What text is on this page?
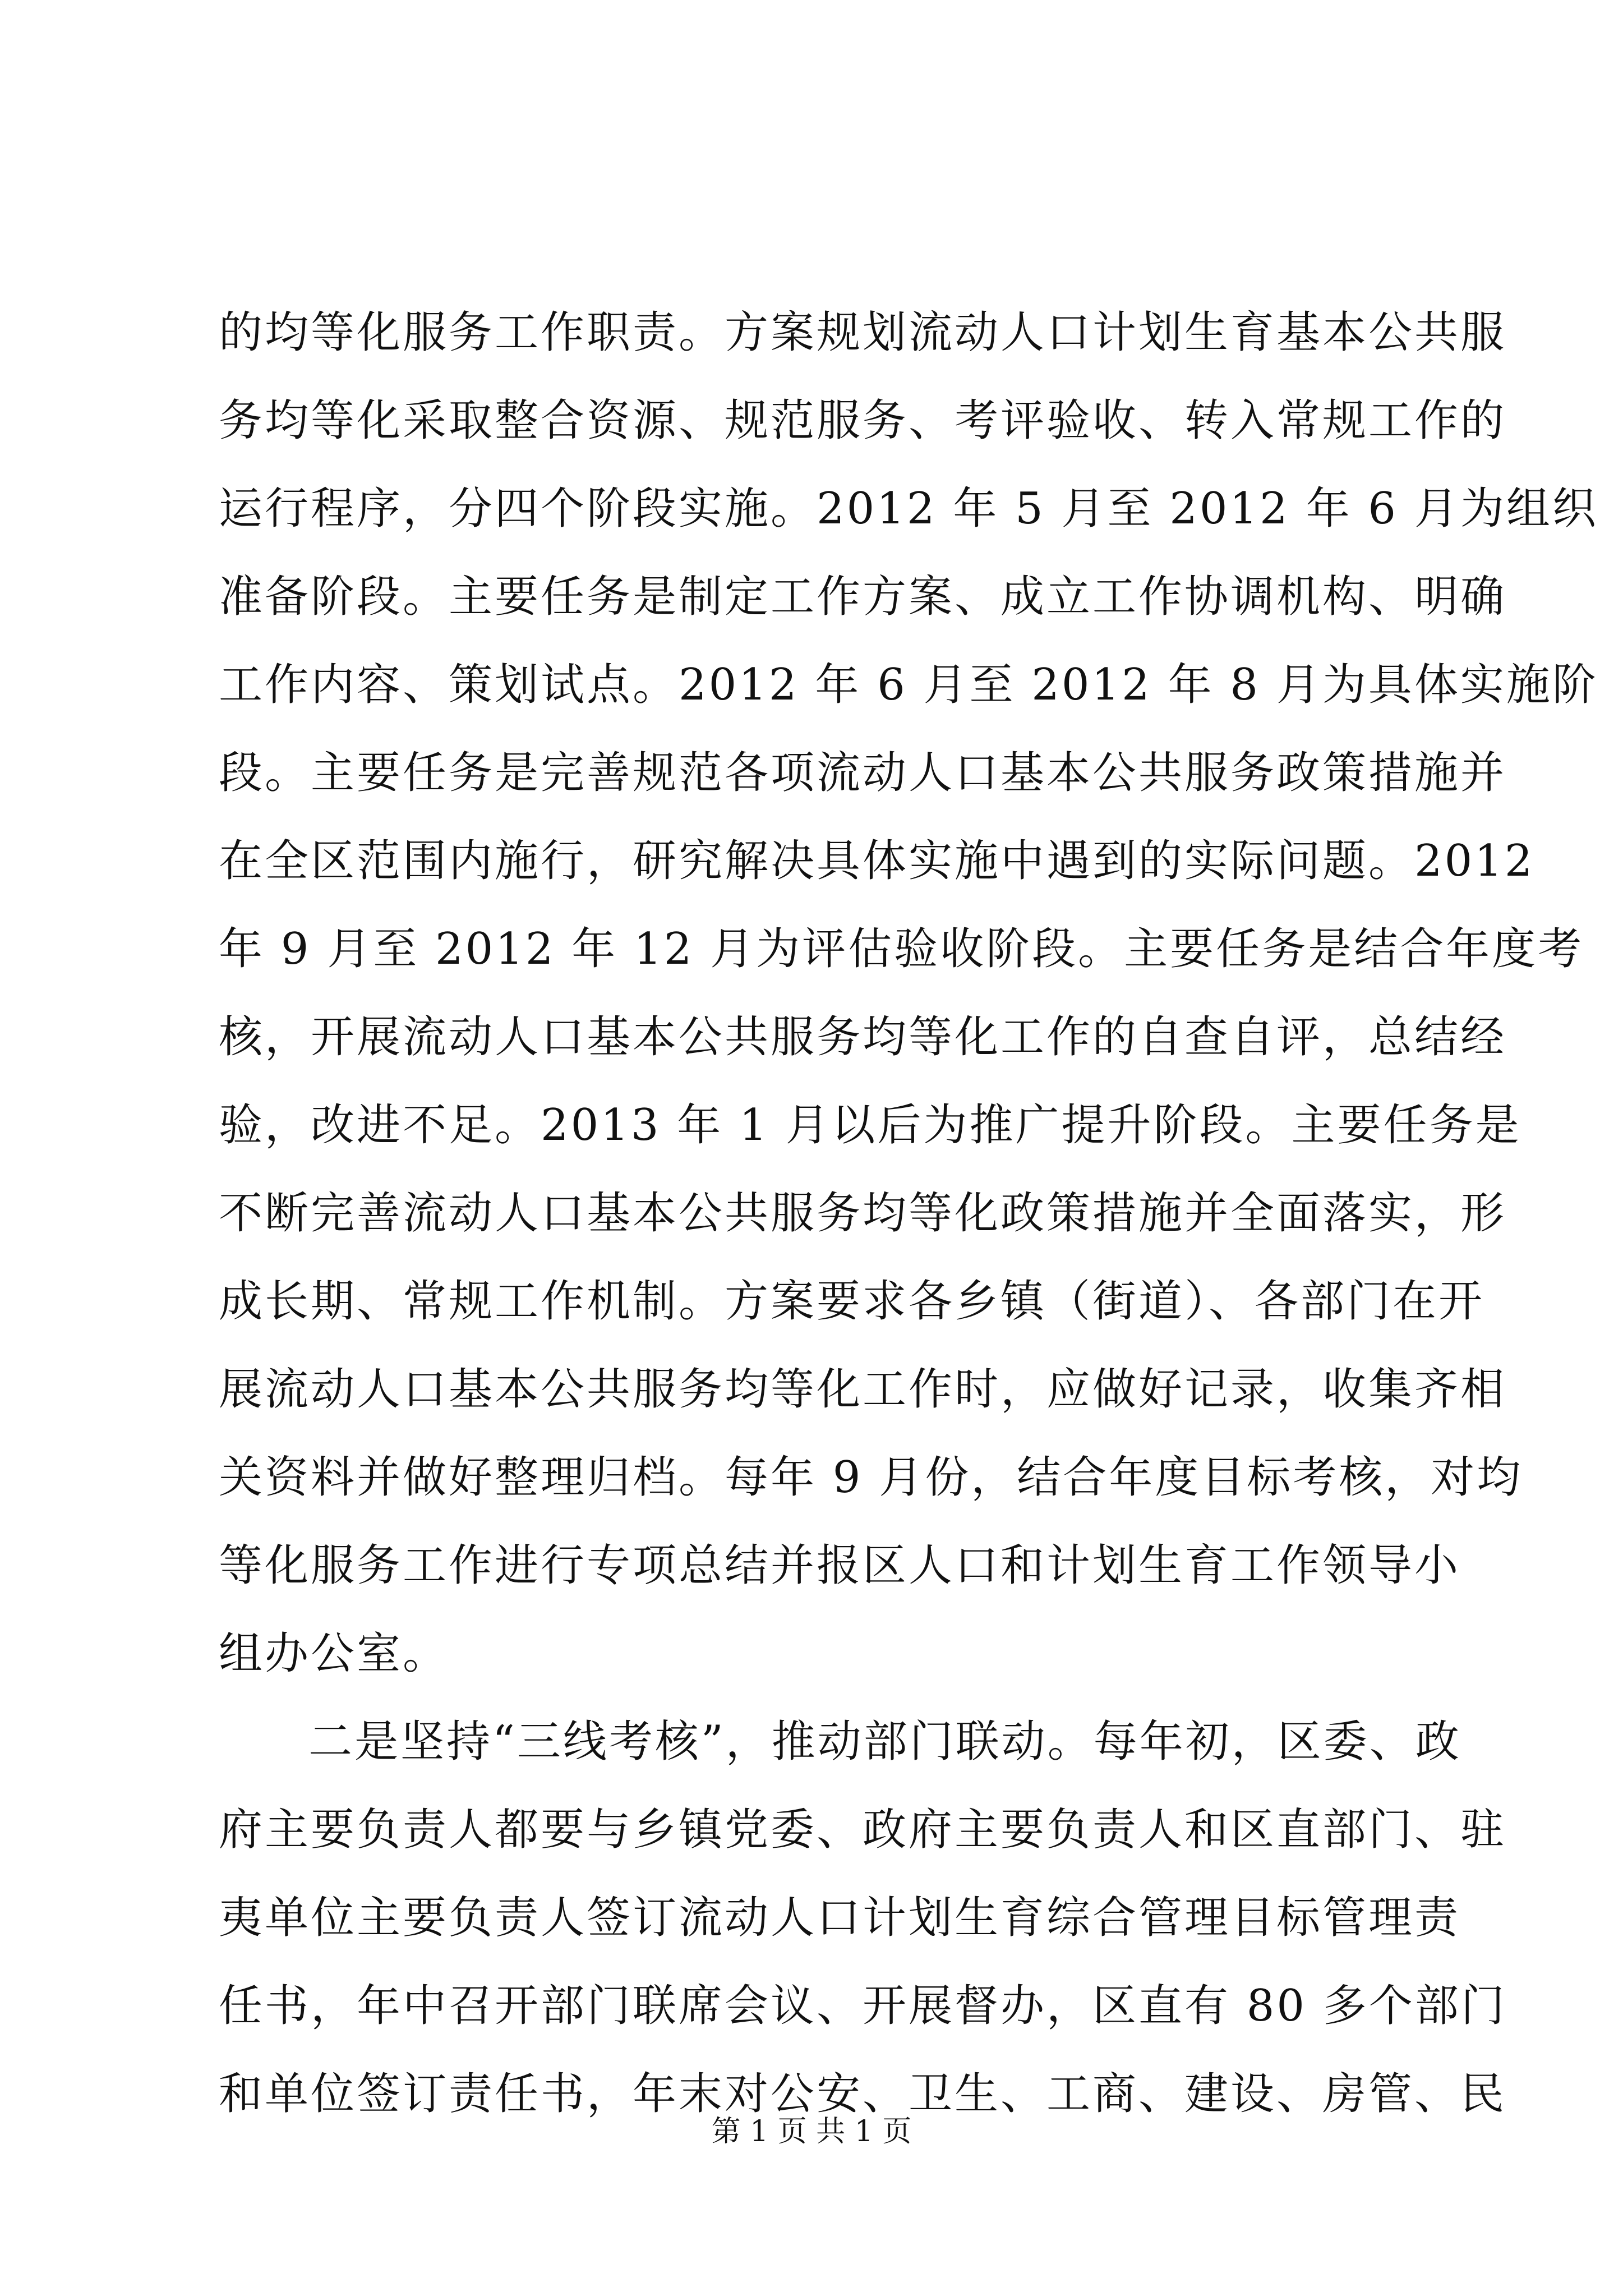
的均等化服务工作职责。方案规划流动人口计划生育基本公共服
务均等化采取整合资源、规范服务、考评验收、转入常规工作的
运行程序，分四个阶段实施。2012 年 5 月至 2012 年 6 月为组织
准备阶段。主要任务是制定工作方案、成立工作协调机构、明确
工作内容、策划试点。2012 年 6 月至 2012 年 8 月为具体实施阶
段。主要任务是完善规范各项流动人口基本公共服务政策措施并
在全区范围内施行，研究解决具体实施中遇到的实际问题。2012
年 9 月至 2012 年 12 月为评估验收阶段。主要任务是结合年度考
核，开展流动人口基本公共服务均等化工作的自查自评，总结经
验，改进不足。2013 年 1 月以后为推广提升阶段。主要任务是
不断完善流动人口基本公共服务均等化政策措施并全面落实，形
成长期、常规工作机制。方案要求各乡镇（街道）、各部门在开
展流动人口基本公共服务均等化工作时，应做好记录，收集齐相
关资料并做好整理归档。每年 9 月份，结合年度目标考核，对均
等化服务工作进行专项总结并报区人口和计划生育工作领导小
组办公室。
二是坚持“三线考核”，推动部门联动。每年初，区委、政
府主要负责人都要与乡镇党委、政府主要负责人和区直部门、驻
夷单位主要负责人签订流动人口计划生育综合管理目标管理责
任书，年中召开部门联席会议、开展督办，区直有 80 多个部门
和单位签订责任书，年末对公安、卫生、工商、建设、房管、民
第 1 页 共 1 页
